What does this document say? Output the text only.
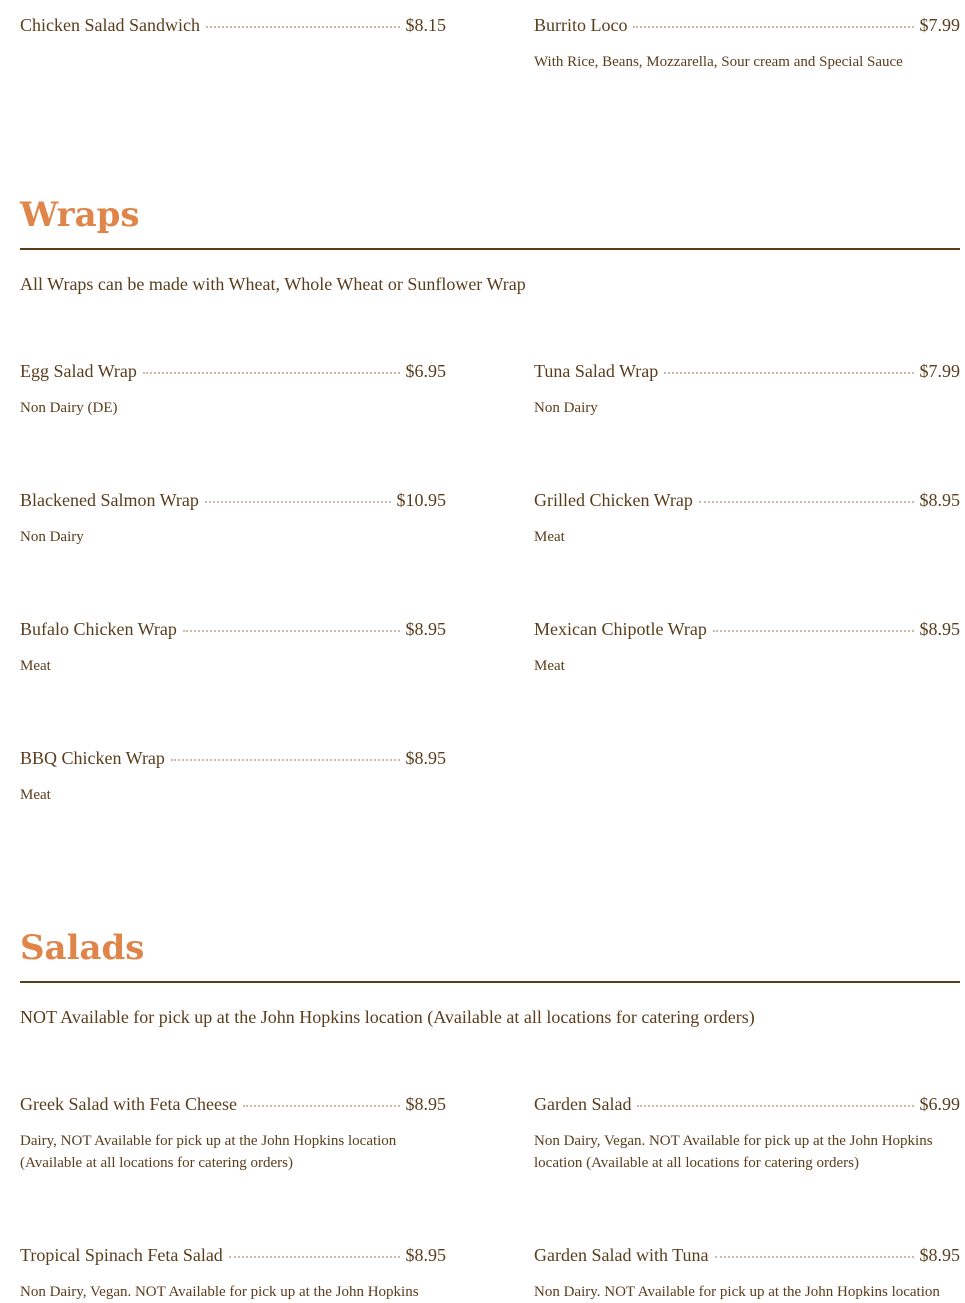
Chicken Salad Sandwich	$8.15	Burrito Loco	$7.99
With Rice, Beans, Mozzarella, Sour cream and Special Sauce
Wraps
All Wraps can be made with Wheat, Whole Wheat or Sunflower Wrap
Egg Salad Wrap	$6.95
Non Dairy (DE)
Tuna Salad Wrap	$7.99
Non Dairy
Blackened Salmon Wrap	$10.95
Non Dairy
Grilled Chicken Wrap	$8.95
Meat
Bufalo Chicken Wrap	$8.95
Meat
Mexican Chipotle Wrap	$8.95
Meat
BBQ Chicken Wrap	$8.95
Meat
Salads
NOT Available for pick up at the John Hopkins location (Available at all locations for catering orders)
Greek Salad with Feta Cheese	$8.95
Dairy, NOT Available for pick up at the John Hopkins location (Available at all locations for catering orders)
Garden Salad	$6.99
Non Dairy, Vegan. NOT Available for pick up at the John Hopkins location (Available at all locations for catering orders)
Tropical Spinach Feta Salad	$8.95
Non Dairy, Vegan. NOT Available for pick up at the John Hopkins
Garden Salad with Tuna	$8.95
Non Dairy. NOT Available for pick up at the John Hopkins location
